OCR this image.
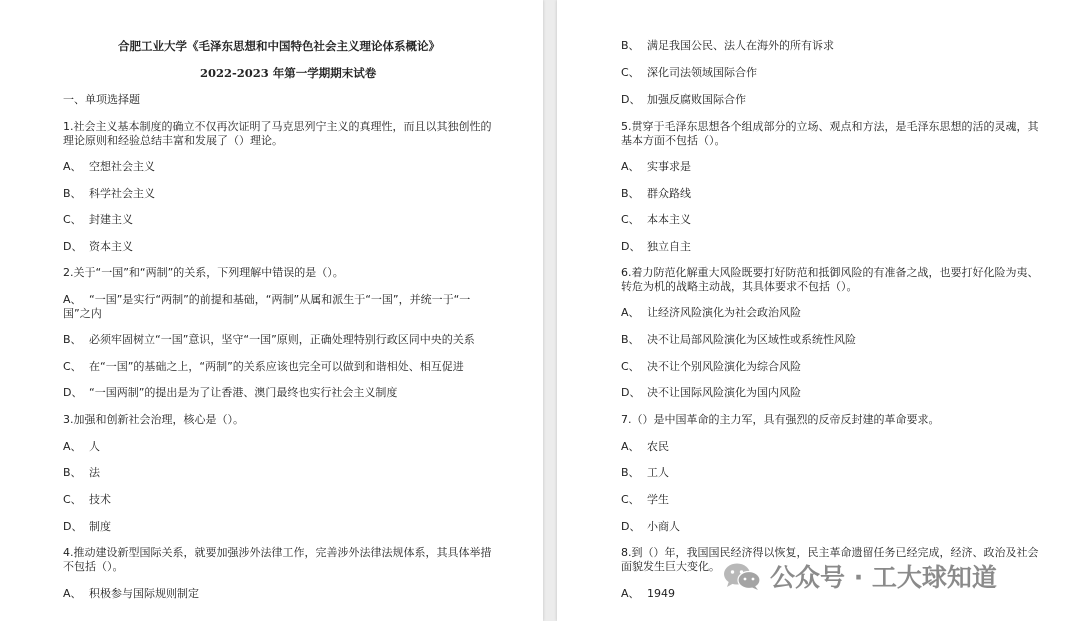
合肥工业大学《毛泽东思想和中国特色社会主义理论体系概论》
2022-2023 年第一学期期末试卷
一、单项选择题
1.社会主义基本制度的确立不仅再次证明了马克思列宁主义的真理性，而且以其独创性的理论原则和经验总结丰富和发展了（）理论。
A、 空想社会主义
B、 科学社会主义
C、 封建主义
D、 资本主义
2.关于“一国”和“两制”的关系，下列理解中错误的是（）。
A、 “一国”是实行“两制”的前提和基础，“两制”从属和派生于“一国”，并统一于“一国”之内
B、 必须牢固树立“一国”意识，坚守“一国”原则，正确处理特别行政区同中央的关系
C、 在“一国”的基础之上，“两制”的关系应该也完全可以做到和谐相处、相互促进
D、 “一国两制”的提出是为了让香港、澳门最终也实行社会主义制度
3.加强和创新社会治理，核心是（）。
A、 人
B、 法
C、 技术
D、 制度
4.推动建设新型国际关系，就要加强涉外法律工作，完善涉外法律法规体系，其具体举措不包括（）。
A、 积极参与国际规则制定
B、 满足我国公民、法人在海外的所有诉求
C、 深化司法领域国际合作
D、 加强反腐败国际合作
5.贯穿于毛泽东思想各个组成部分的立场、观点和方法，是毛泽东思想的活的灵魂，其基本方面不包括（）。
A、 实事求是
B、 群众路线
C、 本本主义
D、 独立自主
6.着力防范化解重大风险既要打好防范和抵御风险的有准备之战，也要打好化险为夷、转危为机的战略主动战，其具体要求不包括（）。
A、 让经济风险演化为社会政治风险
B、 决不让局部风险演化为区域性或系统性风险
C、 决不让个别风险演化为综合风险
D、 决不让国际风险演化为国内风险
7.（）是中国革命的主力军，具有强烈的反帝反封建的革命要求。
A、 农民
B、 工人
C、 学生
D、 小商人
8.到（）年，我国国民经济得以恢复，民主革命遗留任务已经完成，经济、政治及社会面貌发生巨大变化。
A、 1949
公众号 · 工大球知道
